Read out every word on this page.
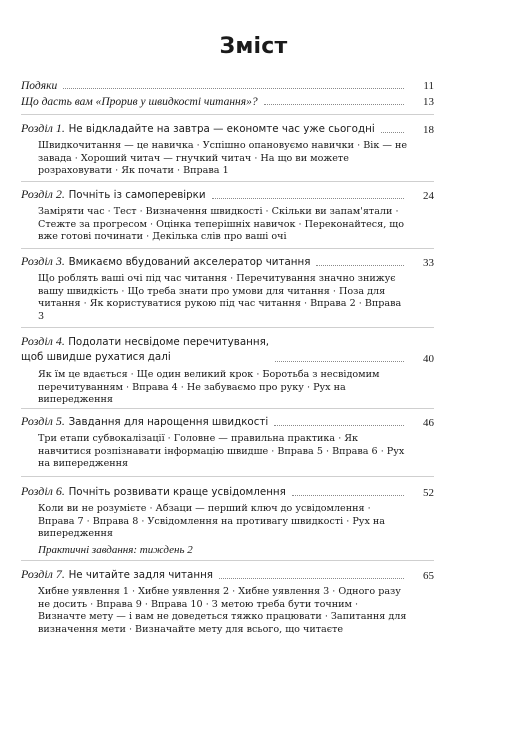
Зміст
Подяки	11
Що дасть вам «Прорив у швидкості читання»?	13
Розділ 1. Не відкладайте на завтра — економте час уже сьогодні	18
Швидкочитання — це навичка · Успішно опановуємо навички · Вік — не завада · Хороший читач — гнучкий читач · На що ви можете розраховувати · Як почати · Вправа 1
Розділ 2. Почніть із самоперевірки	24
Заміряти час · Тест · Визначення швидкості · Скільки ви запам'ятали · Стежте за прогресом · Оцінка теперішніх навичок · Переконайтеся, що вже готові починати · Декілька слів про ваші очі
Розділ 3. Вмикаємо вбудований акселератор читання	33
Що роблять ваші очі під час читання · Перечитування значно знижує вашу швидкість · Що треба знати про умови для читання · Поза для читання · Як користуватися рукою під час читання · Вправа 2 · Вправа 3
Розділ 4. Подолати несвідоме перечитування,
щоб швидше рухатися далі	40
Як їм це вдається · Ще один великий крок · Боротьба з несвідомим перечитуванням · Вправа 4 · Не забуваємо про руку · Рух на випередження
Розділ 5. Завдання для нарощення швидкості	46
Три етапи субвокалізації · Головне — правильна практика · Як навчитися розпізнавати інформацію швидше · Вправа 5 · Вправа 6 · Рух на випередження
Розділ 6. Почніть розвивати краще усвідомлення	52
Коли ви не розумієте · Абзаци — перший ключ до усвідомлення · Вправа 7 · Вправа 8 · Усвідомлення на противагу швидкості · Рух на випередження
Практичні завдання: тиждень 2
Розділ 7. Не читайте задля читання	65
Хибне уявлення 1 · Хибне уявлення 2 · Хибне уявлення 3 · Одного разу не досить · Вправа 9 · Вправа 10 · З метою треба бути точним · Визначте мету — і вам не доведеться тяжко працювати · Запитання для визначення мети · Визначайте мету для всього, що читаєте
